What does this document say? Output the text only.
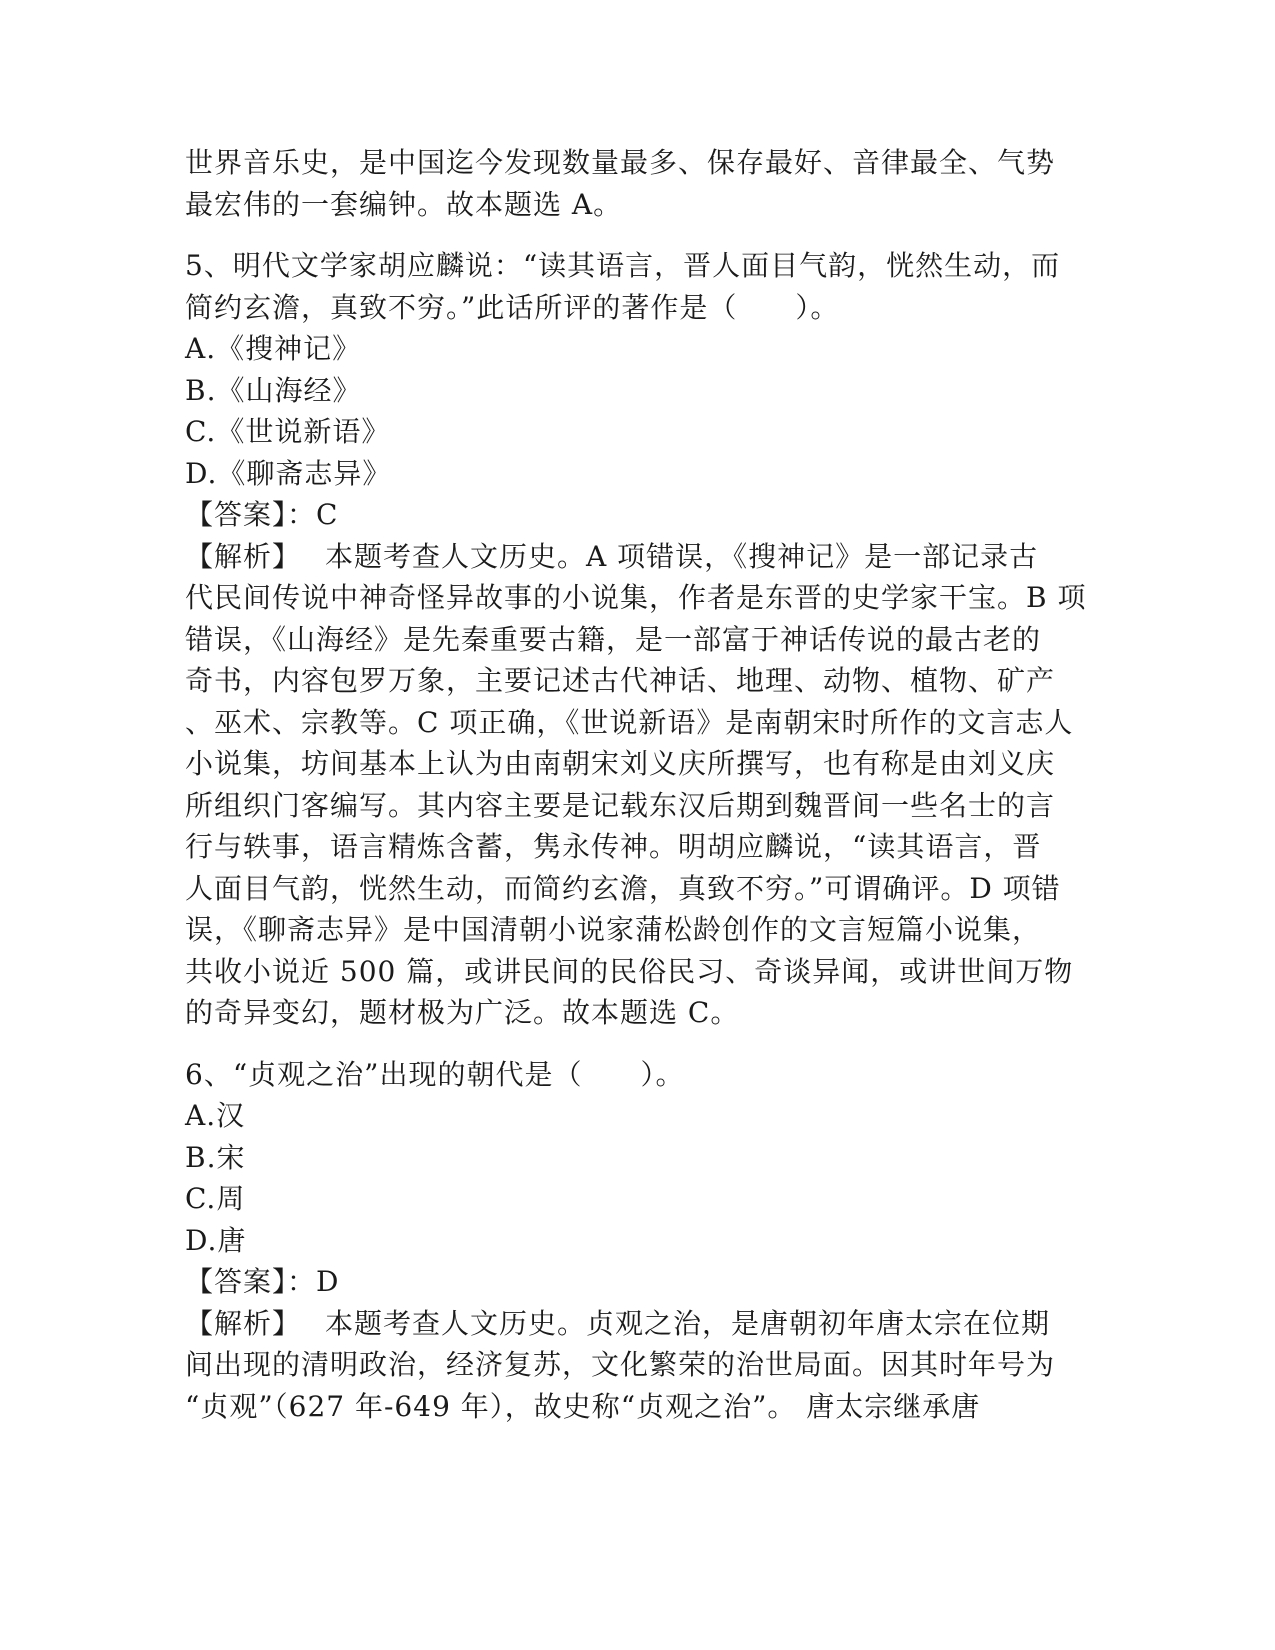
世界音乐史，是中国迄今发现数量最多、保存最好、音律最全、气势

最宏伟的一套编钟。故本题选 A。

5、明代文学家胡应麟说：“读其语言，晋人面目气韵，恍然生动，而

简约玄澹，真致不穷。”此话所评的著作是（　　）。

A.《搜神记》

B.《山海经》

C.《世说新语》

D.《聊斋志异》

【答案】：C

【解析】 本题考查人文历史。A 项错误，《搜神记》是一部记录古

代民间传说中神奇怪异故事的小说集，作者是东晋的史学家干宝。B 项

错误，《山海经》是先秦重要古籍，是一部富于神话传说的最古老的

奇书，内容包罗万象，主要记述古代神话、地理、动物、植物、矿产

、巫术、宗教等。C 项正确，《世说新语》是南朝宋时所作的文言志人

小说集，坊间基本上认为由南朝宋刘义庆所撰写，也有称是由刘义庆

所组织门客编写。其内容主要是记载东汉后期到魏晋间一些名士的言

行与轶事，语言精炼含蓄，隽永传神。明胡应麟说，“读其语言，晋

人面目气韵，恍然生动，而简约玄澹，真致不穷。”可谓确评。D 项错

误，《聊斋志异》是中国清朝小说家蒲松龄创作的文言短篇小说集，

共收小说近 500 篇，或讲民间的民俗民习、奇谈异闻，或讲世间万物

的奇异变幻，题材极为广泛。故本题选 C。

6、“贞观之治”出现的朝代是（　　）。

A.汉

B.宋

C.周

D.唐

【答案】：D

【解析】 本题考查人文历史。贞观之治，是唐朝初年唐太宗在位期

间出现的清明政治，经济复苏，文化繁荣的治世局面。因其时年号为

“贞观”（627 年-649 年），故史称“贞观之治”。 唐太宗继承唐
